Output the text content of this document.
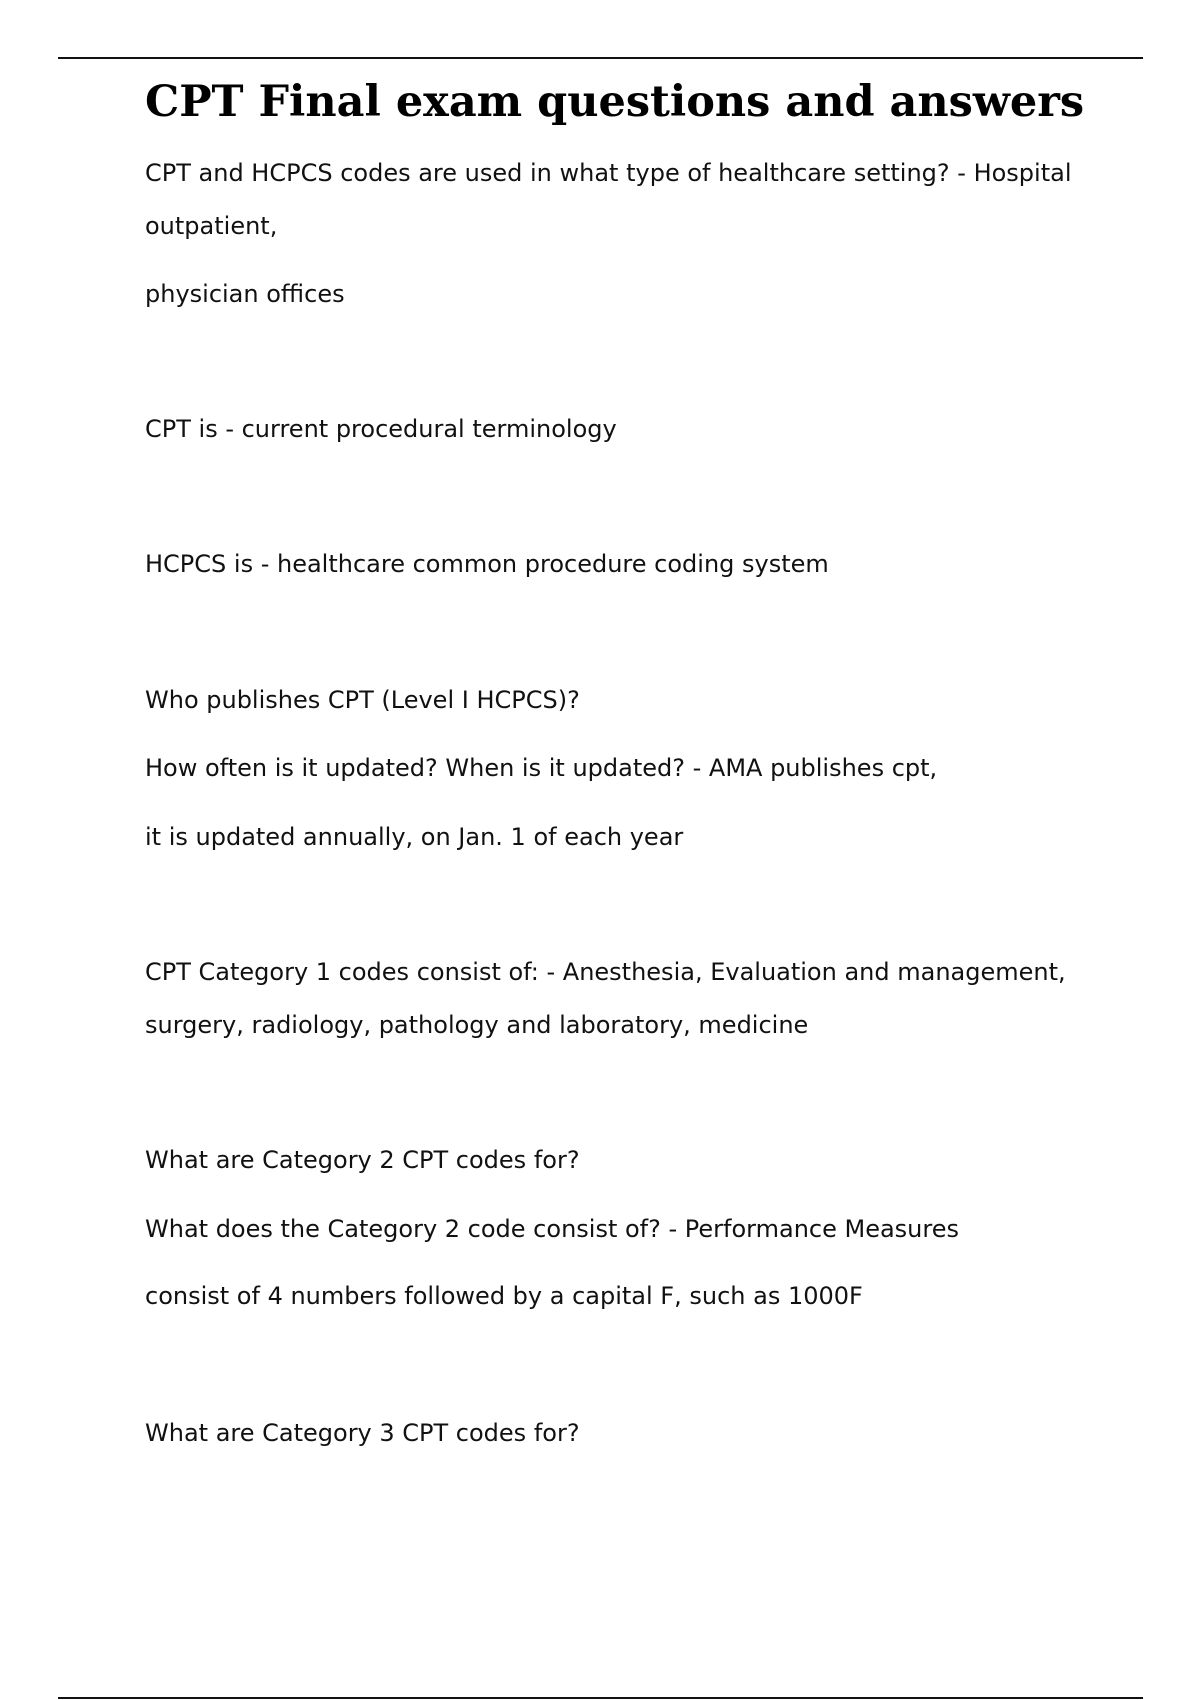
CPT Final exam questions and answers

CPT and HCPCS codes are used in what type of healthcare setting? - Hospital

outpatient,

physician offices

CPT is - current procedural terminology

HCPCS is - healthcare common procedure coding system

Who publishes CPT (Level I HCPCS)?

How often is it updated? When is it updated? - AMA publishes cpt,

it is updated annually, on Jan. 1 of each year

CPT Category 1 codes consist of: - Anesthesia, Evaluation and management,

surgery, radiology, pathology and laboratory, medicine

What are Category 2 CPT codes for?

What does the Category 2 code consist of? - Performance Measures

consist of 4 numbers followed by a capital F, such as 1000F

What are Category 3 CPT codes for?
